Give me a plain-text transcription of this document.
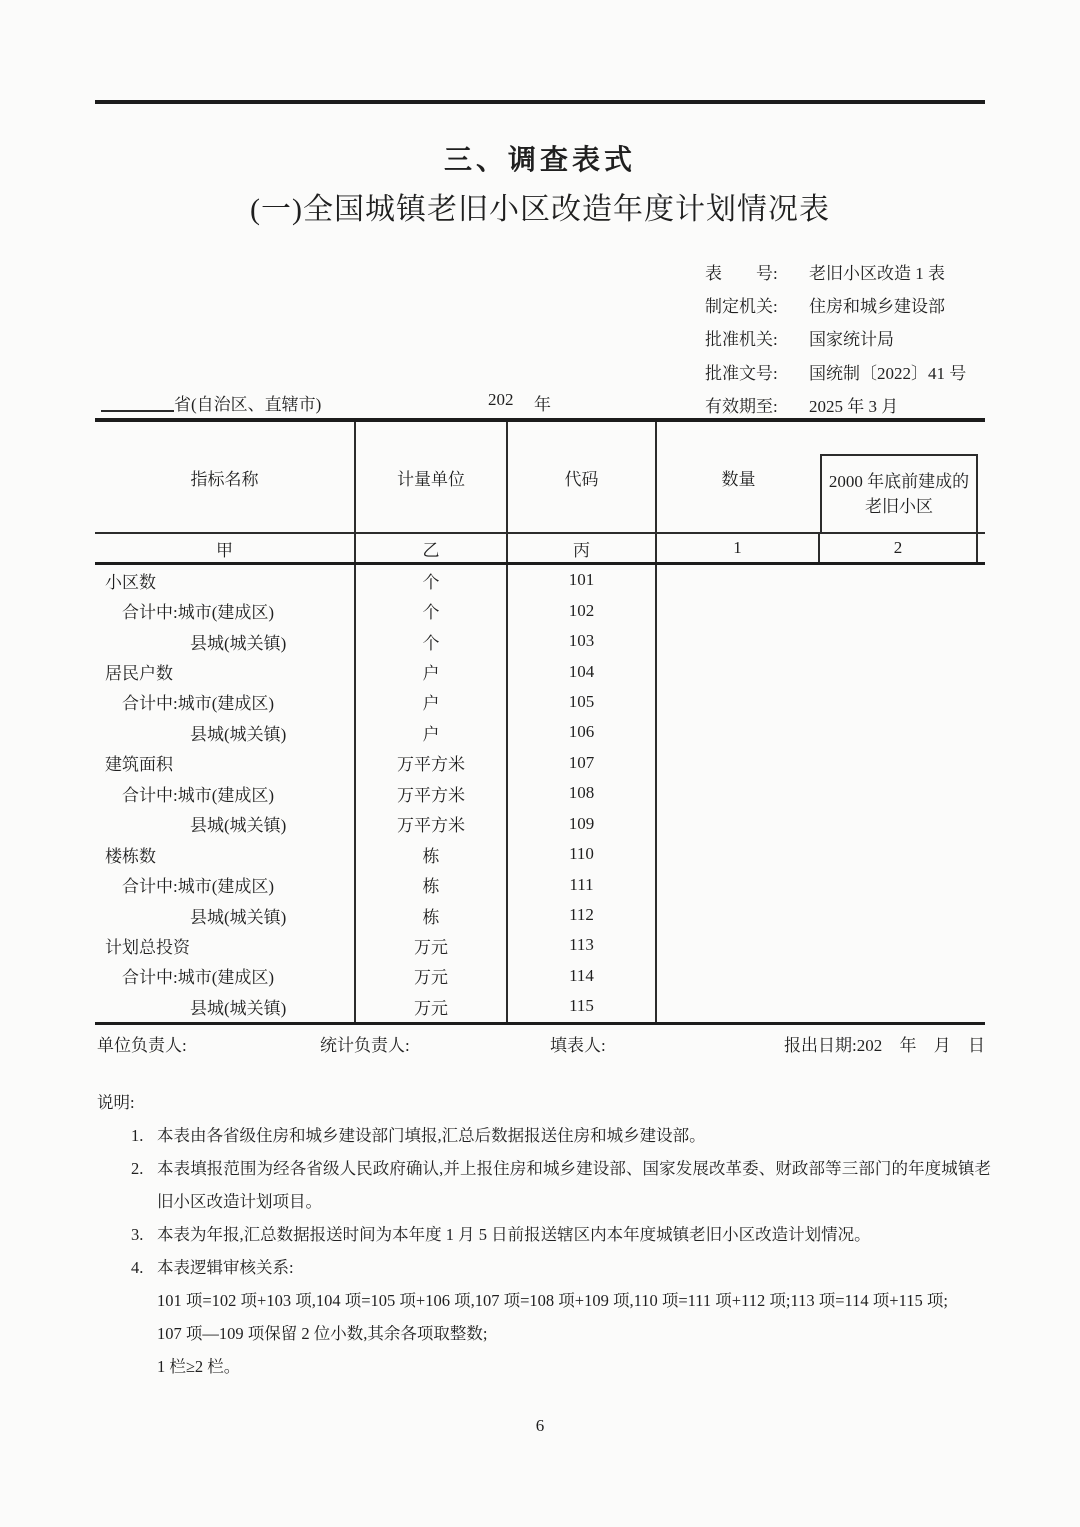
三、调查表式
(一)全国城镇老旧小区改造年度计划情况表
表　　号:	老旧小区改造 1 表
制定机关:	住房和城乡建设部
批准机关:	国家统计局
批准文号:	国统制〔2022〕41 号
有效期至:	2025 年 3 月
省(自治区、直辖市)	202 年
指标名称	计量单位	代码	数量	2000 年底前建成的
老旧小区
甲	乙	丙	1	2
小区数	个	101
合计中:城市(建成区)	个	102
县城(城关镇)	个	103
居民户数	户	104
合计中:城市(建成区)	户	105
县城(城关镇)	户	106
建筑面积	万平方米	107
合计中:城市(建成区)	万平方米	108
县城(城关镇)	万平方米	109
楼栋数	栋	110
合计中:城市(建成区)	栋	111
县城(城关镇)	栋	112
计划总投资	万元	113
合计中:城市(建成区)	万元	114
县城(城关镇)	万元	115
单位负责人:	统计负责人:	填表人:	报出日期:202 年 月 日
说明:
1. 本表由各省级住房和城乡建设部门填报,汇总后数据报送住房和城乡建设部。
2. 本表填报范围为经各省级人民政府确认,并上报住房和城乡建设部、国家发展改革委、财政部等三部门的年度城镇老旧小区改造计划项目。
3. 本表为年报,汇总数据报送时间为本年度 1 月 5 日前报送辖区内本年度城镇老旧小区改造计划情况。
4. 本表逻辑审核关系:
101 项=102 项+103 项,104 项=105 项+106 项,107 项=108 项+109 项,110 项=111 项+112 项;113 项=114 项+115 项;
107 项—109 项保留 2 位小数,其余各项取整数;
1 栏≥2 栏。
6
